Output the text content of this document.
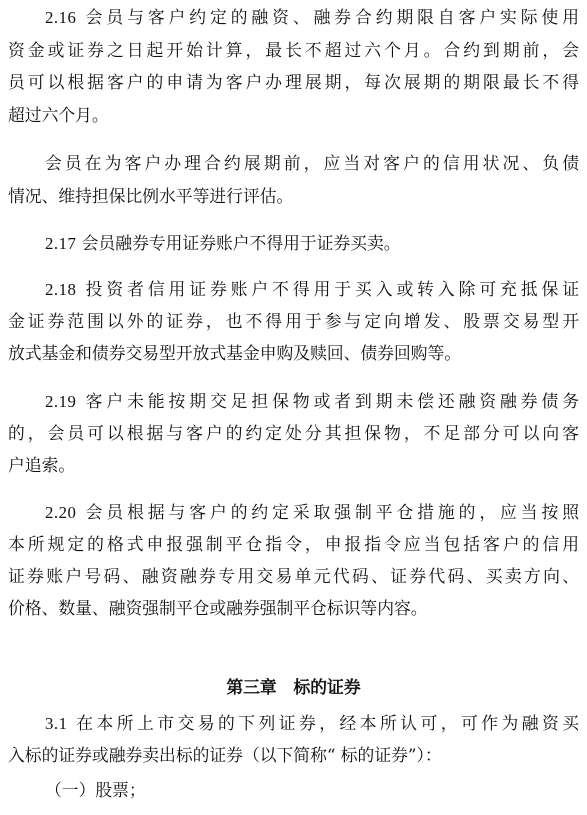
2.16 会员与客户约定的融资、融券合约期限自客户实际使用
资金或证券之日起开始计算，最长不超过六个月。合约到期前，会
员可以根据客户的申请为客户办理展期，每次展期的期限最长不得
超过六个月。
会员在为客户办理合约展期前，应当对客户的信用状况、负债
情况、维持担保比例水平等进行评估。
2.17 会员融券专用证券账户不得用于证券买卖。
2.18 投资者信用证券账户不得用于买入或转入除可充抵保证
金证券范围以外的证券，也不得用于参与定向增发、股票交易型开
放式基金和债券交易型开放式基金申购及赎回、债券回购等。
2.19 客户未能按期交足担保物或者到期未偿还融资融券债务
的，会员可以根据与客户的约定处分其担保物，不足部分可以向客
户追索。
2.20 会员根据与客户的约定采取强制平仓措施的，应当按照
本所规定的格式申报强制平仓指令，申报指令应当包括客户的信用
证券账户号码、融资融券专用交易单元代码、证券代码、买卖方向、
价格、数量、融资强制平仓或融券强制平仓标识等内容。
第三章　标的证券
3.1 在本所上市交易的下列证券，经本所认可，可作为融资买
入标的证券或融券卖出标的证券（以下简称“ 标的证券”）：
（一）股票；
